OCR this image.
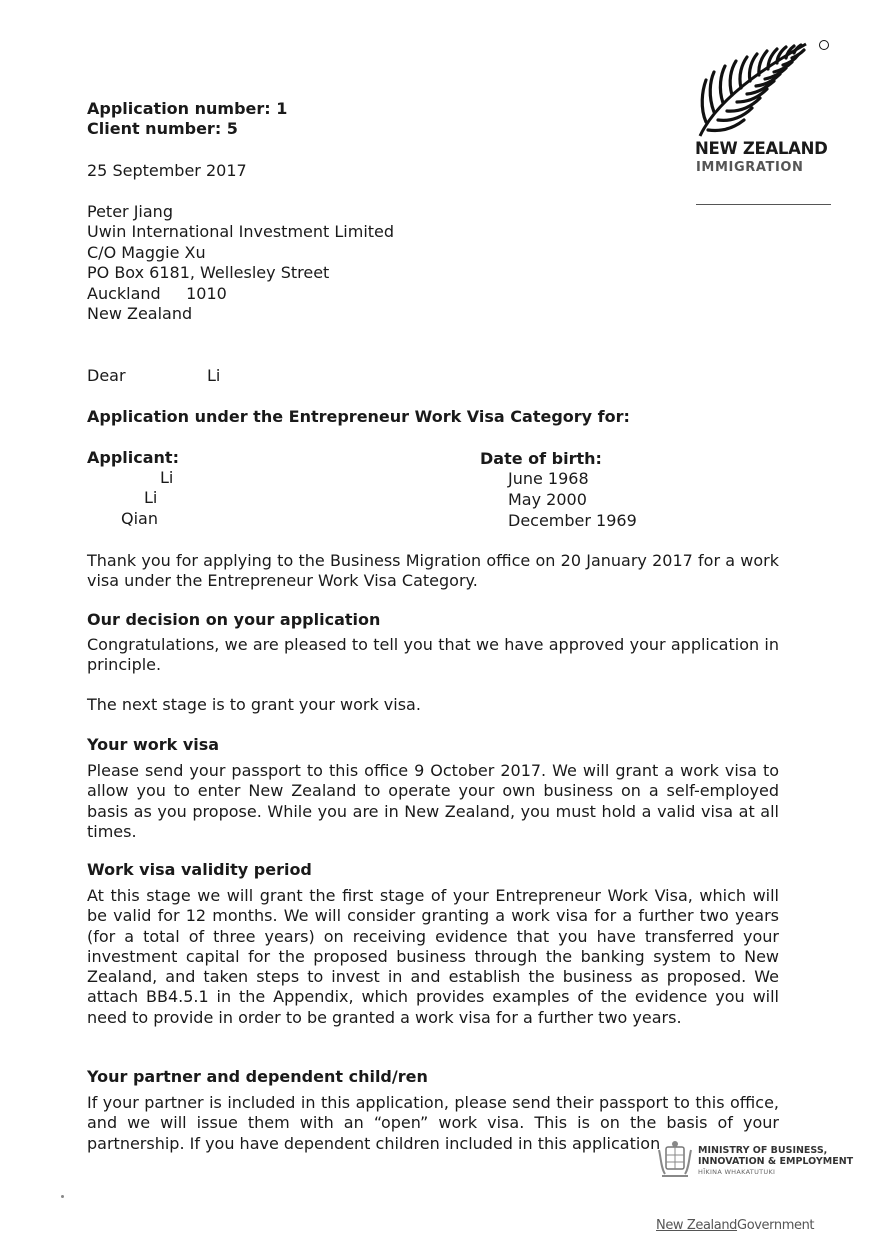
Application number: 1
Client number: 5
25 September 2017
NEW ZEALAND
IMMIGRATION
Peter Jiang
Uwin International Investment Limited
C/O Maggie Xu
PO Box 6181, Wellesley Street
Auckland     1010
New Zealand
Dear	Li
Application under the Entrepreneur Work Visa Category for:
Applicant:	Date of birth:
Li	June 1968
Li	May 2000
Qian	December 1969
Thank you for applying to the Business Migration office on 20 January 2017 for a work visa under the Entrepreneur Work Visa Category.
Our decision on your application
Congratulations, we are pleased to tell you that we have approved your application in principle.
The next stage is to grant your work visa.
Your work visa
Please send your passport to this office 9 October 2017. We will grant a work visa to allow you to enter New Zealand to operate your own business on a self-employed basis as you propose. While you are in New Zealand, you must hold a valid visa at all times.
Work visa validity period
At this stage we will grant the first stage of your Entrepreneur Work Visa, which will be valid for 12 months. We will consider granting a work visa for a further two years (for a total of three years) on receiving evidence that you have transferred your investment capital for the proposed business through the banking system to New Zealand, and taken steps to invest in and establish the business as proposed. We attach BB4.5.1 in the Appendix, which provides examples of the evidence you will need to provide in order to be granted a work visa for a further two years.
Your partner and dependent child/ren
If your partner is included in this application, please send their passport to this office, and we will issue them with an “open” work visa. This is on the basis of your partnership. If you have dependent children included in this application	MINISTRY OF BUSINESS,
INNOVATION & EMPLOYMENT
HĪKINA WHAKATUTUKI
New ZealandGovernment
